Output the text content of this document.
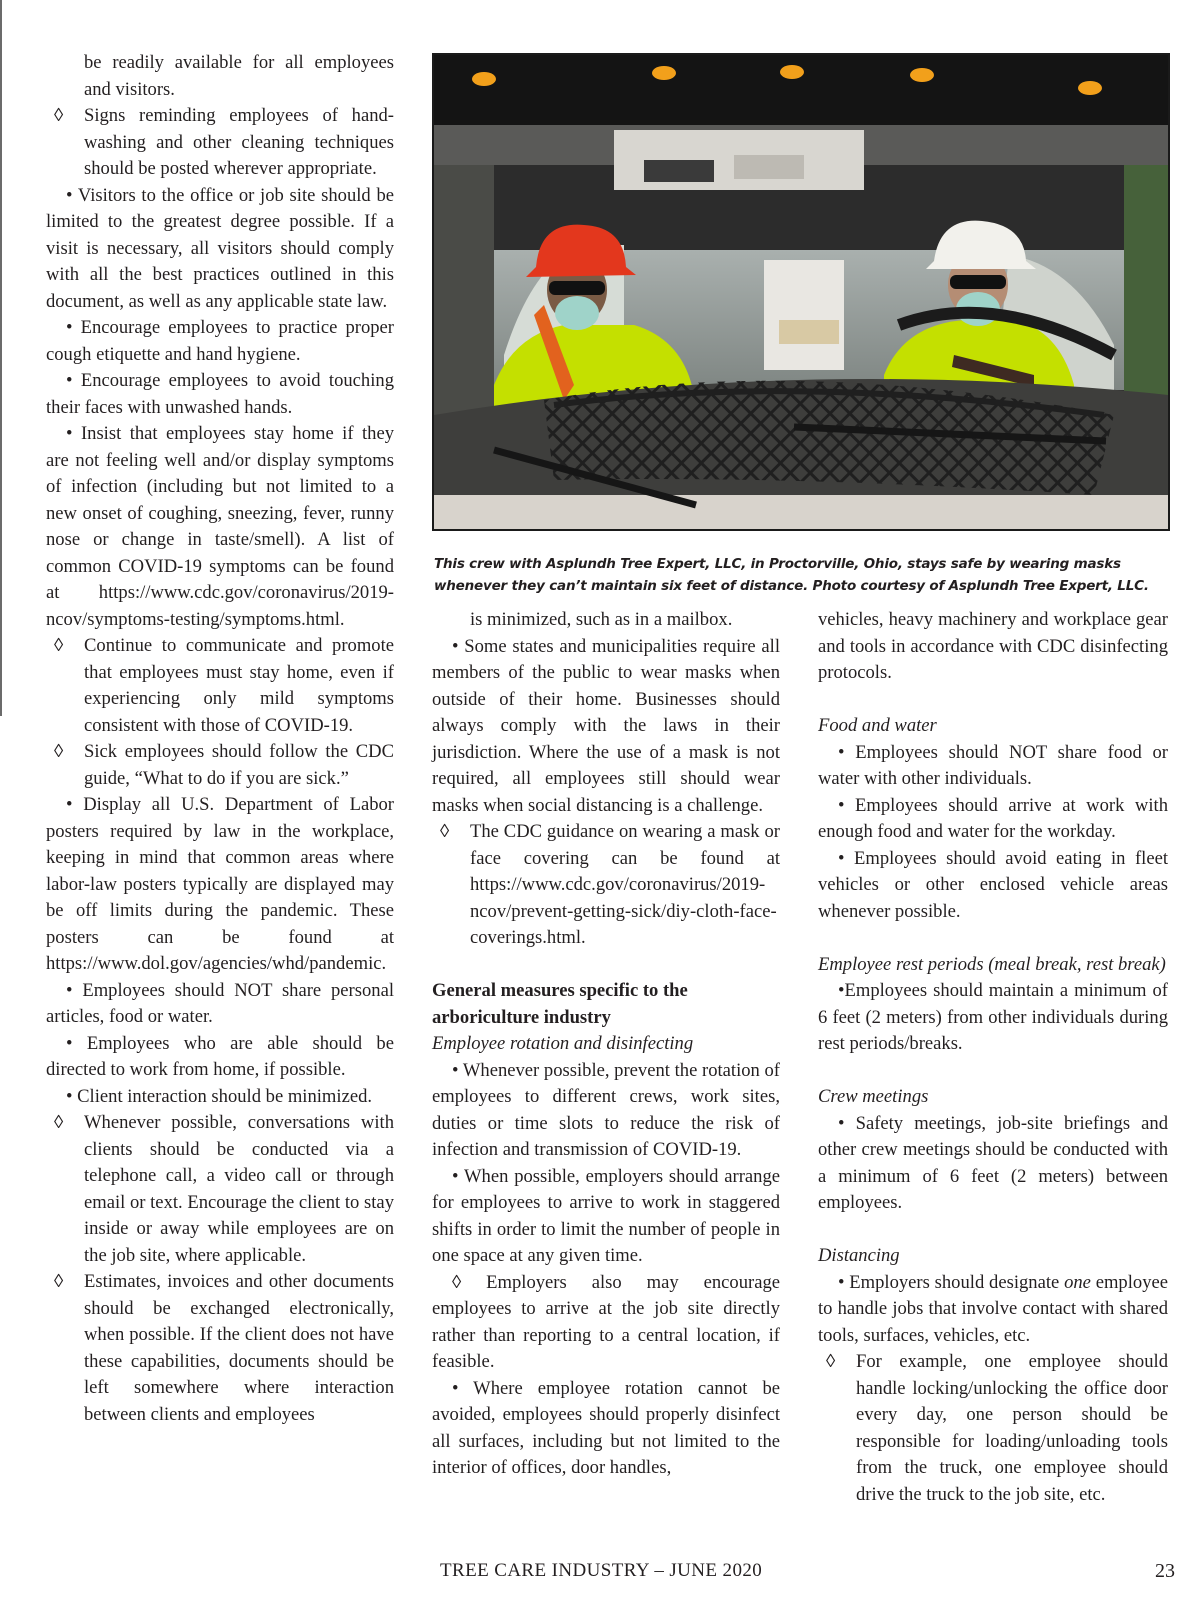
be readily available for all employees and visitors.

◊ Signs reminding employees of hand-washing and other cleaning techniques should be posted wherever appropriate.

• Visitors to the office or job site should be limited to the greatest degree possible. If a visit is necessary, all visitors should comply with all the best practices outlined in this document, as well as any applicable state law.

• Encourage employees to practice proper cough etiquette and hand hygiene.

• Encourage employees to avoid touching their faces with unwashed hands.

• Insist that employees stay home if they are not feeling well and/or display symptoms of infection (including but not limited to a new onset of coughing, sneezing, fever, runny nose or change in taste/smell). A list of common COVID-19 symptoms can be found at https://www.cdc.gov/coronavirus/2019-ncov/symptoms-testing/symptoms.html.

◊ Continue to communicate and promote that employees must stay home, even if experiencing only mild symptoms consistent with those of COVID-19.

◊ Sick employees should follow the CDC guide, “What to do if you are sick.”

• Display all U.S. Department of Labor posters required by law in the workplace, keeping in mind that common areas where labor-law posters typically are displayed may be off limits during the pandemic. These posters can be found at https://www.dol.gov/agencies/whd/pandemic.

• Employees should NOT share personal articles, food or water.

• Employees who are able should be directed to work from home, if possible.

• Client interaction should be minimized.

◊ Whenever possible, conversations with clients should be conducted via a telephone call, a video call or through email or text. Encourage the client to stay inside or away while employees are on the job site, where applicable.

◊ Estimates, invoices and other documents should be exchanged electronically, when possible. If the client does not have these capabilities, documents should be left somewhere where interaction between clients and employees

This crew with Asplundh Tree Expert, LLC, in Proctorville, Ohio, stays safe by wearing masks whenever they can’t maintain six feet of distance. Photo courtesy of Asplundh Tree Expert, LLC.

is minimized, such as in a mailbox.

• Some states and municipalities require all members of the public to wear masks when outside of their home. Businesses should always comply with the laws in their jurisdiction. Where the use of a mask is not required, all employees still should wear masks when social distancing is a challenge.

◊ The CDC guidance on wearing a mask or face covering can be found at https://www.cdc.gov/coronavirus/2019-ncov/prevent-getting-sick/diy-cloth-face-coverings.html.

General measures specific to the arboriculture industry

Employee rotation and disinfecting

• Whenever possible, prevent the rotation of employees to different crews, work sites, duties or time slots to reduce the risk of infection and transmission of COVID-19.

• When possible, employers should arrange for employees to arrive to work in staggered shifts in order to limit the number of people in one space at any given time.

◊ Employers also may encourage employees to arrive at the job site directly rather than reporting to a central location, if feasible.

• Where employee rotation cannot be avoided, employees should properly disinfect all surfaces, including but not limited to the interior of offices, door handles,

vehicles, heavy machinery and workplace gear and tools in accordance with CDC disinfecting protocols.

Food and water

• Employees should NOT share food or water with other individuals.

• Employees should arrive at work with enough food and water for the workday.

• Employees should avoid eating in fleet vehicles or other enclosed vehicle areas whenever possible.

Employee rest periods (meal break, rest break)

•Employees should maintain a minimum of 6 feet (2 meters) from other individuals during rest periods/breaks.

Crew meetings

• Safety meetings, job-site briefings and other crew meetings should be conducted with a minimum of 6 feet (2 meters) between employees.

Distancing

• Employers should designate one employee to handle jobs that involve contact with shared tools, surfaces, vehicles, etc.

◊ For example, one employee should handle locking/unlocking the office door every day, one person should be responsible for loading/unloading tools from the truck, one employee should drive the truck to the job site, etc.

TREE CARE INDUSTRY – JUNE 2020	23
